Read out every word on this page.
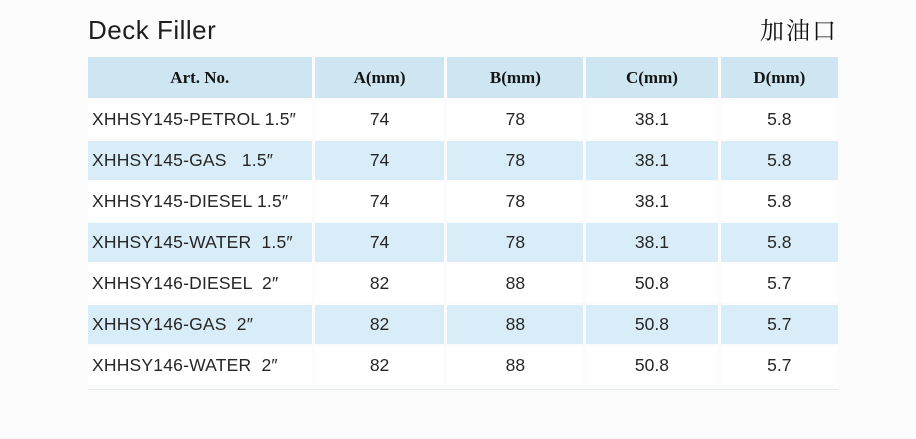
Deck Filler	加油口
Art. No.	A(mm)	B(mm)	C(mm)	D(mm)
XHHSY145-PETROL 1.5″	74	78	38.1	5.8
XHHSY145-GAS   1.5″	74	78	38.1	5.8
XHHSY145-DIESEL 1.5″	74	78	38.1	5.8
XHHSY145-WATER  1.5″	74	78	38.1	5.8
XHHSY146-DIESEL  2″	82	88	50.8	5.7
XHHSY146-GAS  2″	82	88	50.8	5.7
XHHSY146-WATER  2″	82	88	50.8	5.7
